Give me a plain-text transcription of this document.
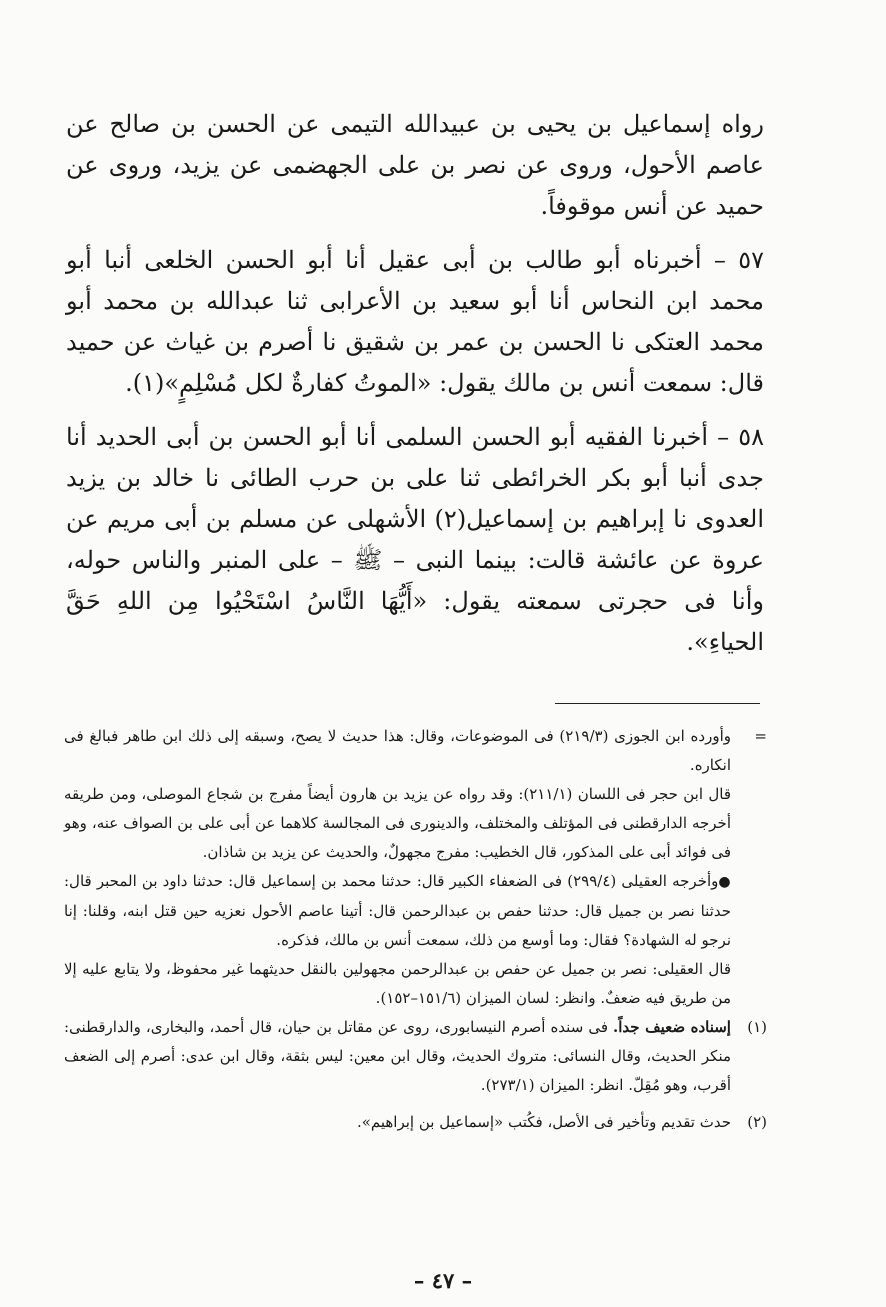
رواه إسماعيل بن يحيى بن عبيدالله التيمى عن الحسن بن صالح عن عاصم الأحول، وروى عن نصر بن على الجهضمى عن يزيد، وروى عن حميد عن أنس موقوفاً.

٥٧ – أخبرناه أبو طالب بن أبى عقيل أنا أبو الحسن الخلعى أنبا أبو محمد ابن النحاس أنا أبو سعيد بن الأعرابى ثنا عبدالله بن محمد أبو محمد العتكى نا الحسن بن عمر بن شقيق نا أصرم بن غياث عن حميد قال: سمعت أنس بن مالك يقول: «الموتُ كفارةٌ لكل مُسْلِمٍ»(١).

٥٨ – أخبرنا الفقيه أبو الحسن السلمى أنا أبو الحسن بن أبى الحديد أنا جدى أنبا أبو بكر الخرائطى ثنا على بن حرب الطائى نا خالد بن يزيد العدوى نا إبراهيم بن إسماعيل(٢) الأشهلى عن مسلم بن أبى مريم عن عروة عن عائشة قالت: بينما النبى – ﷺ – على المنبر والناس حوله، وأنا فى حجرتى سمعته يقول: «أَيُّهَا النَّاسُ اسْتَحْيُوا مِن اللهِ حَقَّ الحياءِ».

=

وأورده ابن الجوزى (٢١٩/٣) فى الموضوعات، وقال: هذا حديث لا يصح، وسبقه إلى ذلك ابن طاهر فبالغ فى انكاره.

قال ابن حجر فى اللسان (٢١١/١): وقد رواه عن يزيد بن هارون أيضاً مفرج بن شجاع الموصلى، ومن طريقه أخرجه الدارقطنى فى المؤتلف والمختلف، والدينورى فى المجالسة كلاهما عن أبى على بن الصواف عنه، وهو فى فوائد أبى على المذكور، قال الخطيب: مفرج مجهولٌ، والحديث عن يزيد بن شاذان.

●وأخرجه العقيلى (٢٩٩/٤) فى الضعفاء الكبير قال: حدثنا محمد بن إسماعيل قال: حدثنا داود بن المحبر قال: حدثنا نصر بن جميل قال: حدثنا حفص بن عبدالرحمن قال: أتينا عاصم الأحول نعزيه حين قتل ابنه، وقلنا: إنا نرجو له الشهادة؟ فقال: وما أوسع من ذلك، سمعت أنس بن مالك، فذكره.

قال العقيلى: نصر بن جميل عن حفص بن عبدالرحمن مجهولين بالنقل حديثهما غير محفوظ، ولا يتابع عليه إلا من طريق فيه ضعفٌ. وانظر: لسان الميزان (١٥١/٦–١٥٢).

(١)

إسناده ضعيف جداً. فى سنده أصرم النيسابورى، روى عن مقاتل بن حيان، قال أحمد، والبخارى، والدارقطنى: منكر الحديث، وقال النسائى: متروك الحديث، وقال ابن معين: ليس بثقة، وقال ابن عدى: أصرم إلى الضعف أقرب، وهو مُقِلّ. انظر: الميزان (٢٧٣/١).

(٢)

حدث تقديم وتأخير فى الأصل، فكُتب «إسماعيل بن إبراهيم».

– ٤٧ –
